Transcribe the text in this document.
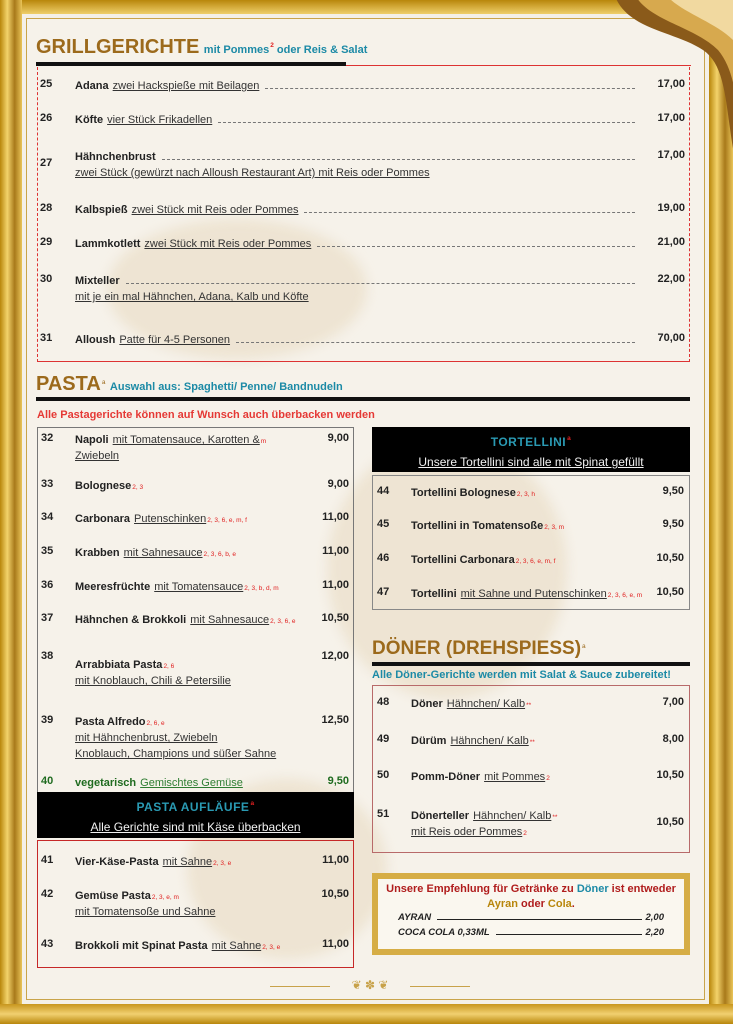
GRILLGERICHTE mit Pommes$^2$ oder Reis & Salat
25 Adana zwei Hackspieße mit Beilagen	17,00
26 Köfte vier Stück Frikadellen	17,00
27 Hähnchenbrust
zwei Stück (gewürzt nach Alloush Restaurant Art) mit Reis oder Pommes
17,00
28 Kalbspieß zwei Stück mit Reis oder Pommes	19,00
29 Lammkotlett zwei Stück mit Reis oder Pommes	21,00
30 Mixteller
mit je ein mal Hähnchen, Adana, Kalb und Köfte
22,00
31 Alloush Patte für 4-5 Personen	70,00
PASTA$^a$ Auswahl aus: Spaghetti/ Penne/ Bandnudeln
Alle Pastagerichte können auf Wunsch auch überbacken werden
32 Napoli mit Tomatensauce, Karotten & m
Zwiebeln
9,00
33 Bolognese 2, 3	9,00
34 Carbonara Putenschinken 2, 3, 6, e, m, f	11,00
35 Krabben mit Sahnesauce 2, 3, 6, b, e	11,00
36 Meeresfrüchte mit Tomatensauce 2, 3, b, d, m	11,00
37 Hähnchen & Brokkoli mit Sahnesauce 2, 3, 6, e 10,50
38
Arrabbiata Pasta 2, 6
mit Knoblauch, Chili & Petersilie
12,00
39 Pasta Alfredo 2, 6, e
mit Hähnchenbrust, Zwiebeln
Knoblauch, Champions und süßer Sahne
12,50
40 vegetarisch Gemischtes Gemüse	9,50
PASTA AUFLÄUFE$^a$
Alle Gerichte sind mit Käse überbacken
41 Vier-Käse-Pasta mit Sahne 2, 3, e	11,00
42 Gemüse Pasta 2, 3, e, m
mit Tomatensoße und Sahne
10,50
43 Brokkoli mit Spinat Pasta mit Sahne 2, 3, e	11,00
TORTELLINI$^a$
Unsere Tortellini sind alle mit Spinat gefüllt
44 Tortellini Bolognese 2, 3, h	9,50
45 Tortellini in Tomatensoße 2, 3, m	9,50
46 Tortellini Carbonara 2, 3, 6, e, m, f	10,50
47 Tortellini mit Sahne und Putenschinken 2, 3, 6, e, m 10,50
DÖNER (DREHSPIESS)$^a$
Alle Döner-Gerichte werden mit Salat & Sauce zubereitet!
48 Döner Hähnchen/ Kalb **	7,00
49 Dürüm Hähnchen/ Kalb **	8,00
50 Pomm-Döner mit Pommes 2	10,50
51 Dönerteller Hähnchen/ Kalb **
mit Reis oder Pommes 2
10,50
Unsere Empfehlung für Getränke zu Döner ist entweder
Ayran oder Cola.
AYRAN	2,00
COCA COLA 0,33ML	2,20
❦ ✽ ❦
